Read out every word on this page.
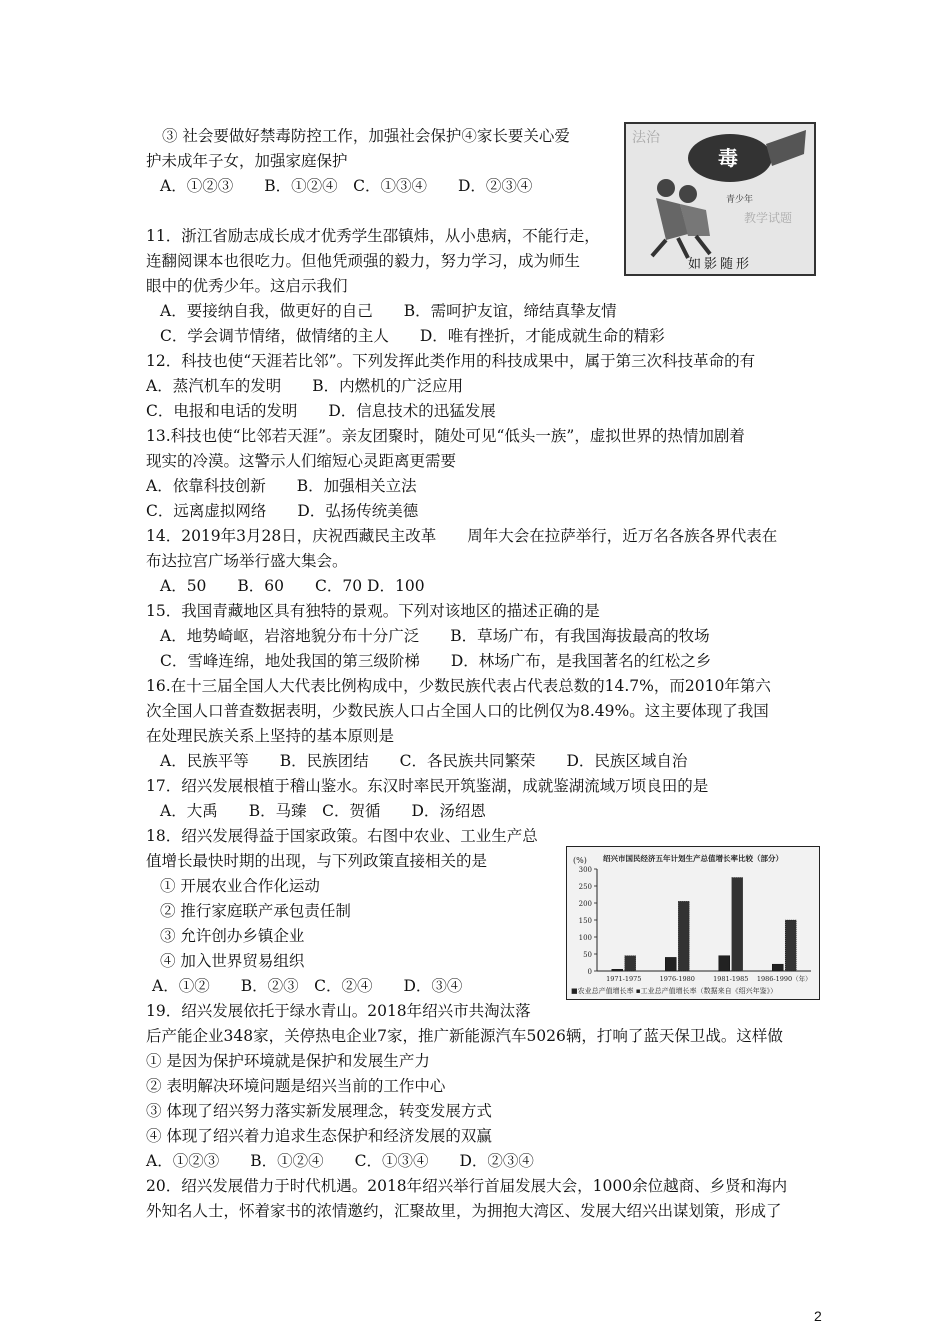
③ 社会要做好禁毒防控工作，加强社会保护④家长要关心爱
护未成年子女，加强家庭保护
A．①②③　　B．①②④　C．①③④　　D．②③④
11．浙江省励志成长成才优秀学生邵镇炜，从小患病，不能行走，
连翻阅课本也很吃力。但他凭顽强的毅力，努力学习，成为师生
眼中的优秀少年。这启示我们
A．要接纳自我，做更好的自己　　B．需呵护友谊，缔结真挚友情
C．学会调节情绪，做情绪的主人　　D．唯有挫折，才能成就生命的精彩
12．科技也使“天涯若比邻”。下列发挥此类作用的科技成果中，属于第三次科技革命的有
A．蒸汽机车的发明　　B．内燃机的广泛应用
C．电报和电话的发明　　D．信息技术的迅猛发展
13.科技也使“比邻若天涯”。亲友团聚时，随处可见“低头一族”，虚拟世界的热情加剧着
现实的冷漠。这警示人们缩短心灵距离更需要
A．依靠科技创新　　B．加强相关立法
C．远离虚拟网络　　D．弘扬传统美德
14．2019年3月28日，庆祝西藏民主改革　　周年大会在拉萨举行，近万名各族各界代表在
布达拉宫广场举行盛大集会。
A．50　　B．60　　C．70 D．100
15．我国青藏地区具有独特的景观。下列对该地区的描述正确的是
A．地势崎岖，岩溶地貌分布十分广泛　　B．草场广布，有我国海拔最高的牧场
C．雪峰连绵，地处我国的第三级阶梯　　D．林场广布，是我国著名的红松之乡
16.在十三届全国人大代表比例构成中，少数民族代表占代表总数的14.7%，而2010年第六
次全国人口普查数据表明，少数民族人口占全国人口的比例仅为8.49%。这主要体现了我国
在处理民族关系上坚持的基本原则是
A．民族平等　　B．民族团结　　C．各民族共同繁荣　　D．民族区域自治
17．绍兴发展根植于稽山鉴水。东汉时率民开筑鉴湖，成就鉴湖流域万顷良田的是
A．大禹　　B．马臻　C．贺循　　D．汤绍恩
18．绍兴发展得益于国家政策。右图中农业、工业生产总
值增长最快时期的出现，与下列政策直接相关的是
① 开展农业合作化运动
② 推行家庭联产承包责任制
③ 允许创办乡镇企业
④ 加入世界贸易组织
A．①②　　B．②③　C．②④　　D．③④
19．绍兴发展依托于绿水青山。2018年绍兴市共淘汰落
后产能企业348家，关停热电企业7家，推广新能源汽车5026辆，打响了蓝天保卫战。这样做
① 是因为保护环境就是保护和发展生产力
② 表明解决环境问题是绍兴当前的工作中心
③ 体现了绍兴努力落实新发展理念，转变发展方式
④ 体现了绍兴着力追求生态保护和经济发展的双赢
A．①②③　　B．①②④　　C．①③④　　D．②③④
20．绍兴发展借力于时代机遇。2018年绍兴举行首届发展大会，1000余位越商、乡贤和海内
外知名人士，怀着家书的浓情邀约，汇聚故里，为拥抱大湾区、发展大绍兴出谋划策，形成了
法治
教学试题
毒
青少年
如影随形
绍兴市国民经济五年计划生产总值增长率比较（部分）
(%)
■农业总产值增长率 ▪工业总产值增长率（数据来自《绍兴年鉴》）
0
50
100
150
200
250
300
1971-1975	1976-1980	1981-1985 1986-1990（年）
2
